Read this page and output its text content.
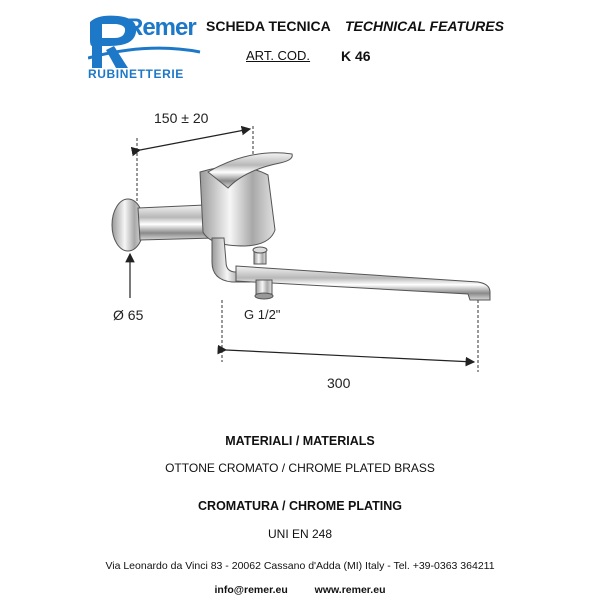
Remer
RUBINETTERIE
SCHEDA TECNICA TECHNICAL FEATURES
ART. COD. K 46
150 ± 20
Ø 65	G 1/2"
300
MATERIALI / MATERIALS
OTTONE CROMATO / CHROME PLATED BRASS
CROMATURA / CHROME PLATING
UNI EN 248
Via Leonardo da Vinci 83 - 20062 Cassano d'Adda (MI) Italy - Tel. +39-0363 364211
info@remer.eu	www.remer.eu
